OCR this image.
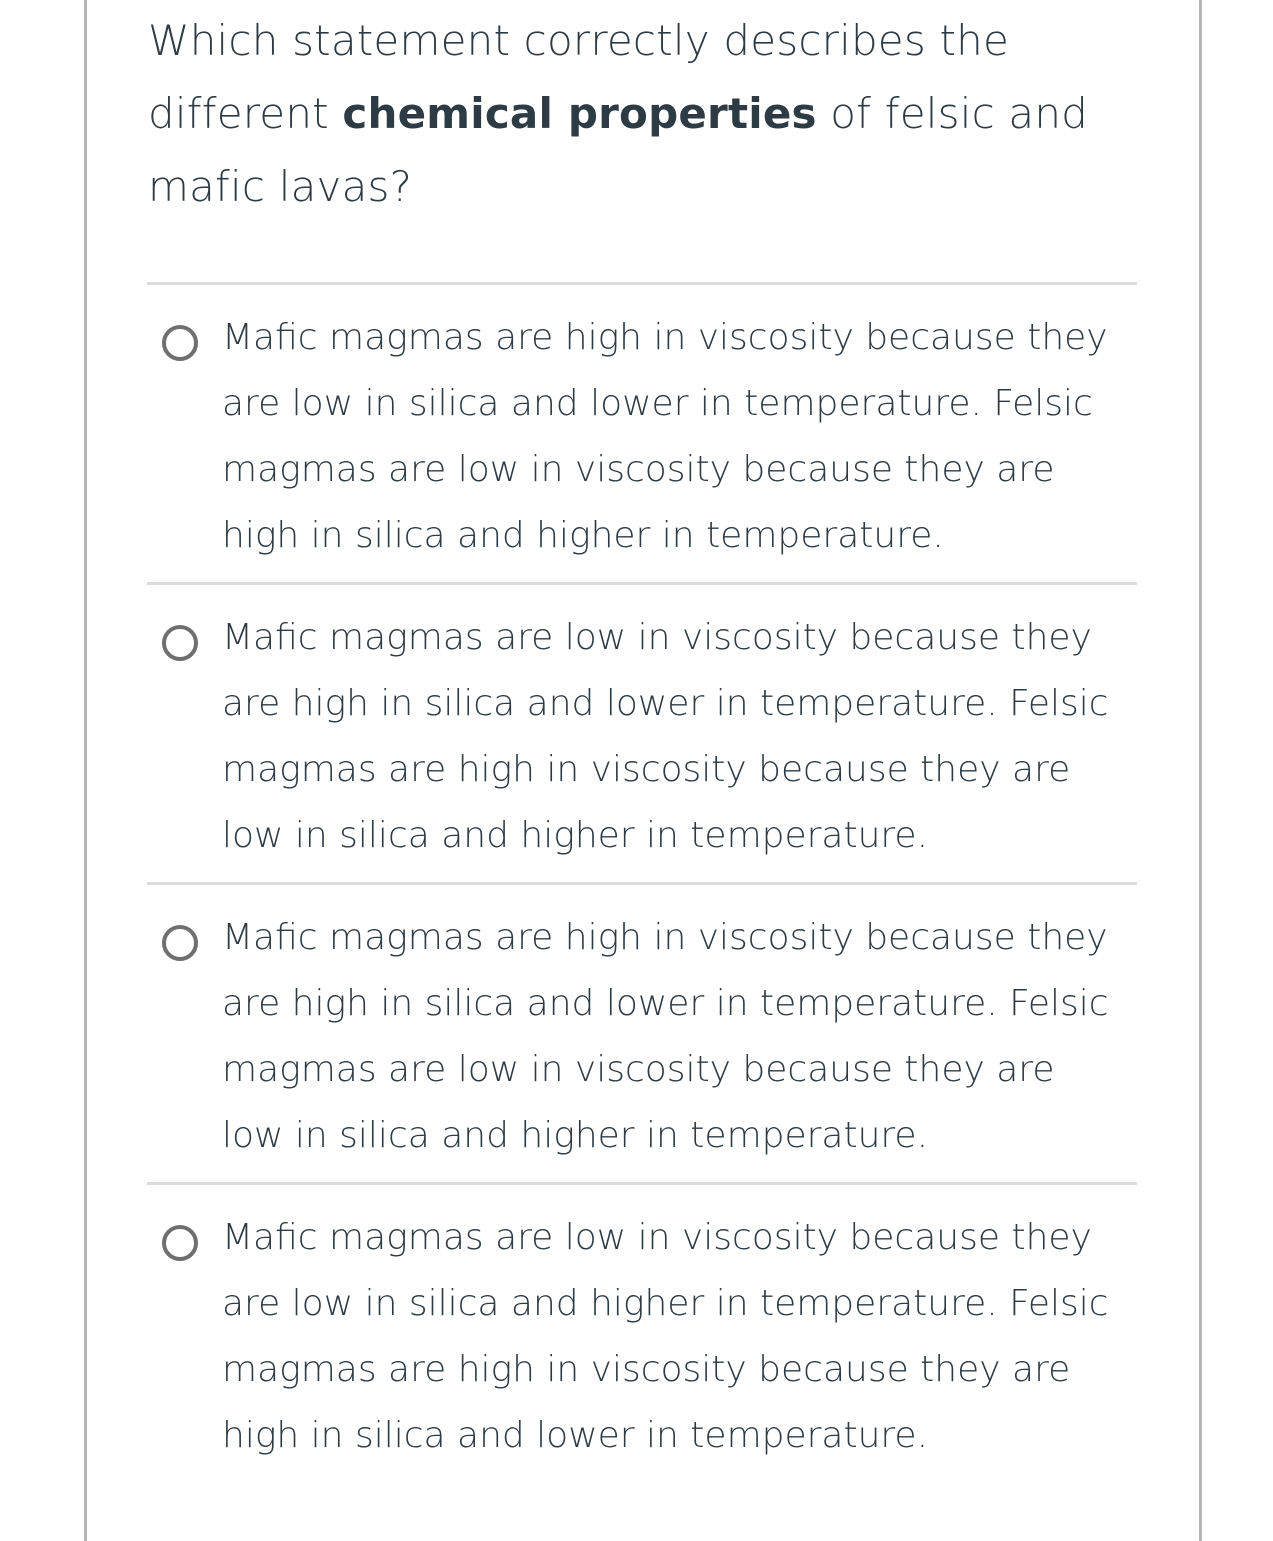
Which statement correctly describes the different chemical properties of felsic and mafic lavas?
Mafic magmas are high in viscosity because they are low in silica and lower in temperature. Felsic magmas are low in viscosity because they are high in silica and higher in temperature.
Mafic magmas are low in viscosity because they are high in silica and lower in temperature. Felsic magmas are high in viscosity because they are low in silica and higher in temperature.
Mafic magmas are high in viscosity because they are high in silica and lower in temperature. Felsic magmas are low in viscosity because they are low in silica and higher in temperature.
Mafic magmas are low in viscosity because they are low in silica and higher in temperature. Felsic magmas are high in viscosity because they are high in silica and lower in temperature.
